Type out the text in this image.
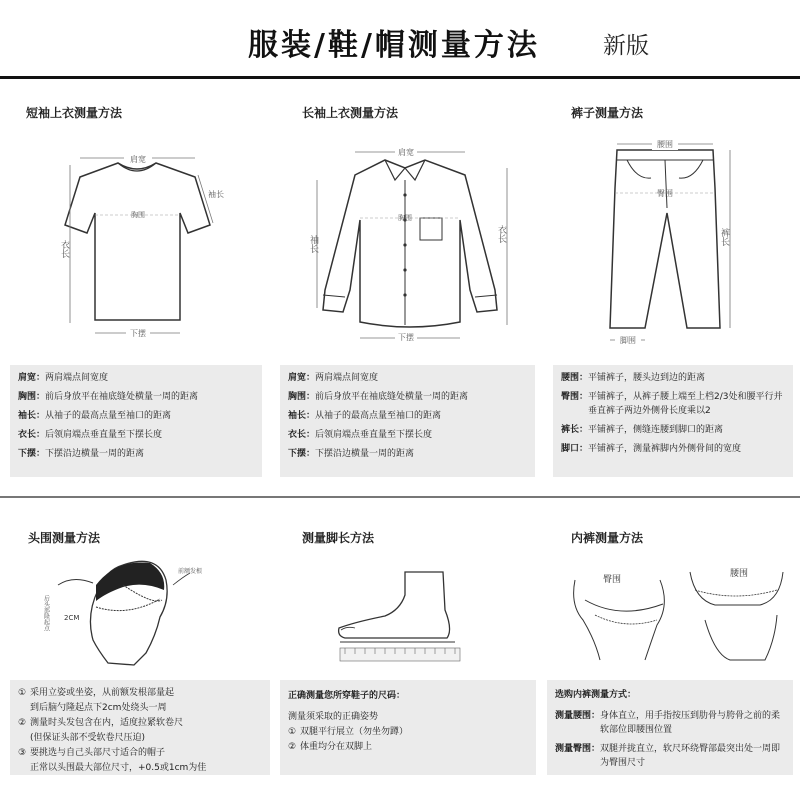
服装/鞋/帽测量方法	新版
短袖上衣测量方法
肩宽
胸围
袖长
衣长
下摆
肩宽： 两肩端点间宽度
胸围： 前后身放平在袖底缝处横量一周的距离
袖长： 从袖子的最高点量至袖口的距离
衣长： 后领肩端点垂直量至下摆长度
下摆： 下摆沿边横量一周的距离
长袖上衣测量方法
肩宽
胸围
袖长
衣长
下摆
肩宽： 两肩端点间宽度
胸围： 前后身放平在袖底缝处横量一周的距离
袖长： 从袖子的最高点量至袖口的距离
衣长： 后领肩端点垂直量至下摆长度
下摆： 下摆沿边横量一周的距离
裤子测量方法
腰围
臀围
裤长
脚围
腰围： 平铺裤子，腰头边到边的距离
臀围： 平铺裤子，从裤子腰上端至上档2/3处和腰平行并垂直裤子两边外侧骨长度乘以2
裤长： 平铺裤子，侧缝连腰到脚口的距离
脚口： 平铺裤子，测量裤脚内外侧骨间的宽度
头围测量方法
前额发根
后头部隆起点 2CM
① 采用立姿或坐姿，从前额发根部量起
到后脑勺隆起点下2cm处绕头一周
② 测量时头发包含在内，适度拉紧软卷尺
(但保证头部不受软卷尺压迫)
③ 要挑选与自己头部尺寸适合的帽子
正常以头围最大部位尺寸，+0.5或1cm为佳
测量脚长方法
正确测量您所穿鞋子的尺码：
测量须采取的正确姿势
① 双腿平行展立（勿坐勿蹲）
② 体重均分在双脚上
内裤测量方法
臀围
腰围
选购内裤测量方式：
测量腰围： 身体直立，用手指按压到肋骨与胯骨之前的柔软部位即腰围位置
测量臀围： 双腿并拢直立，软尺环绕臀部最突出处一周即为臀围尺寸
